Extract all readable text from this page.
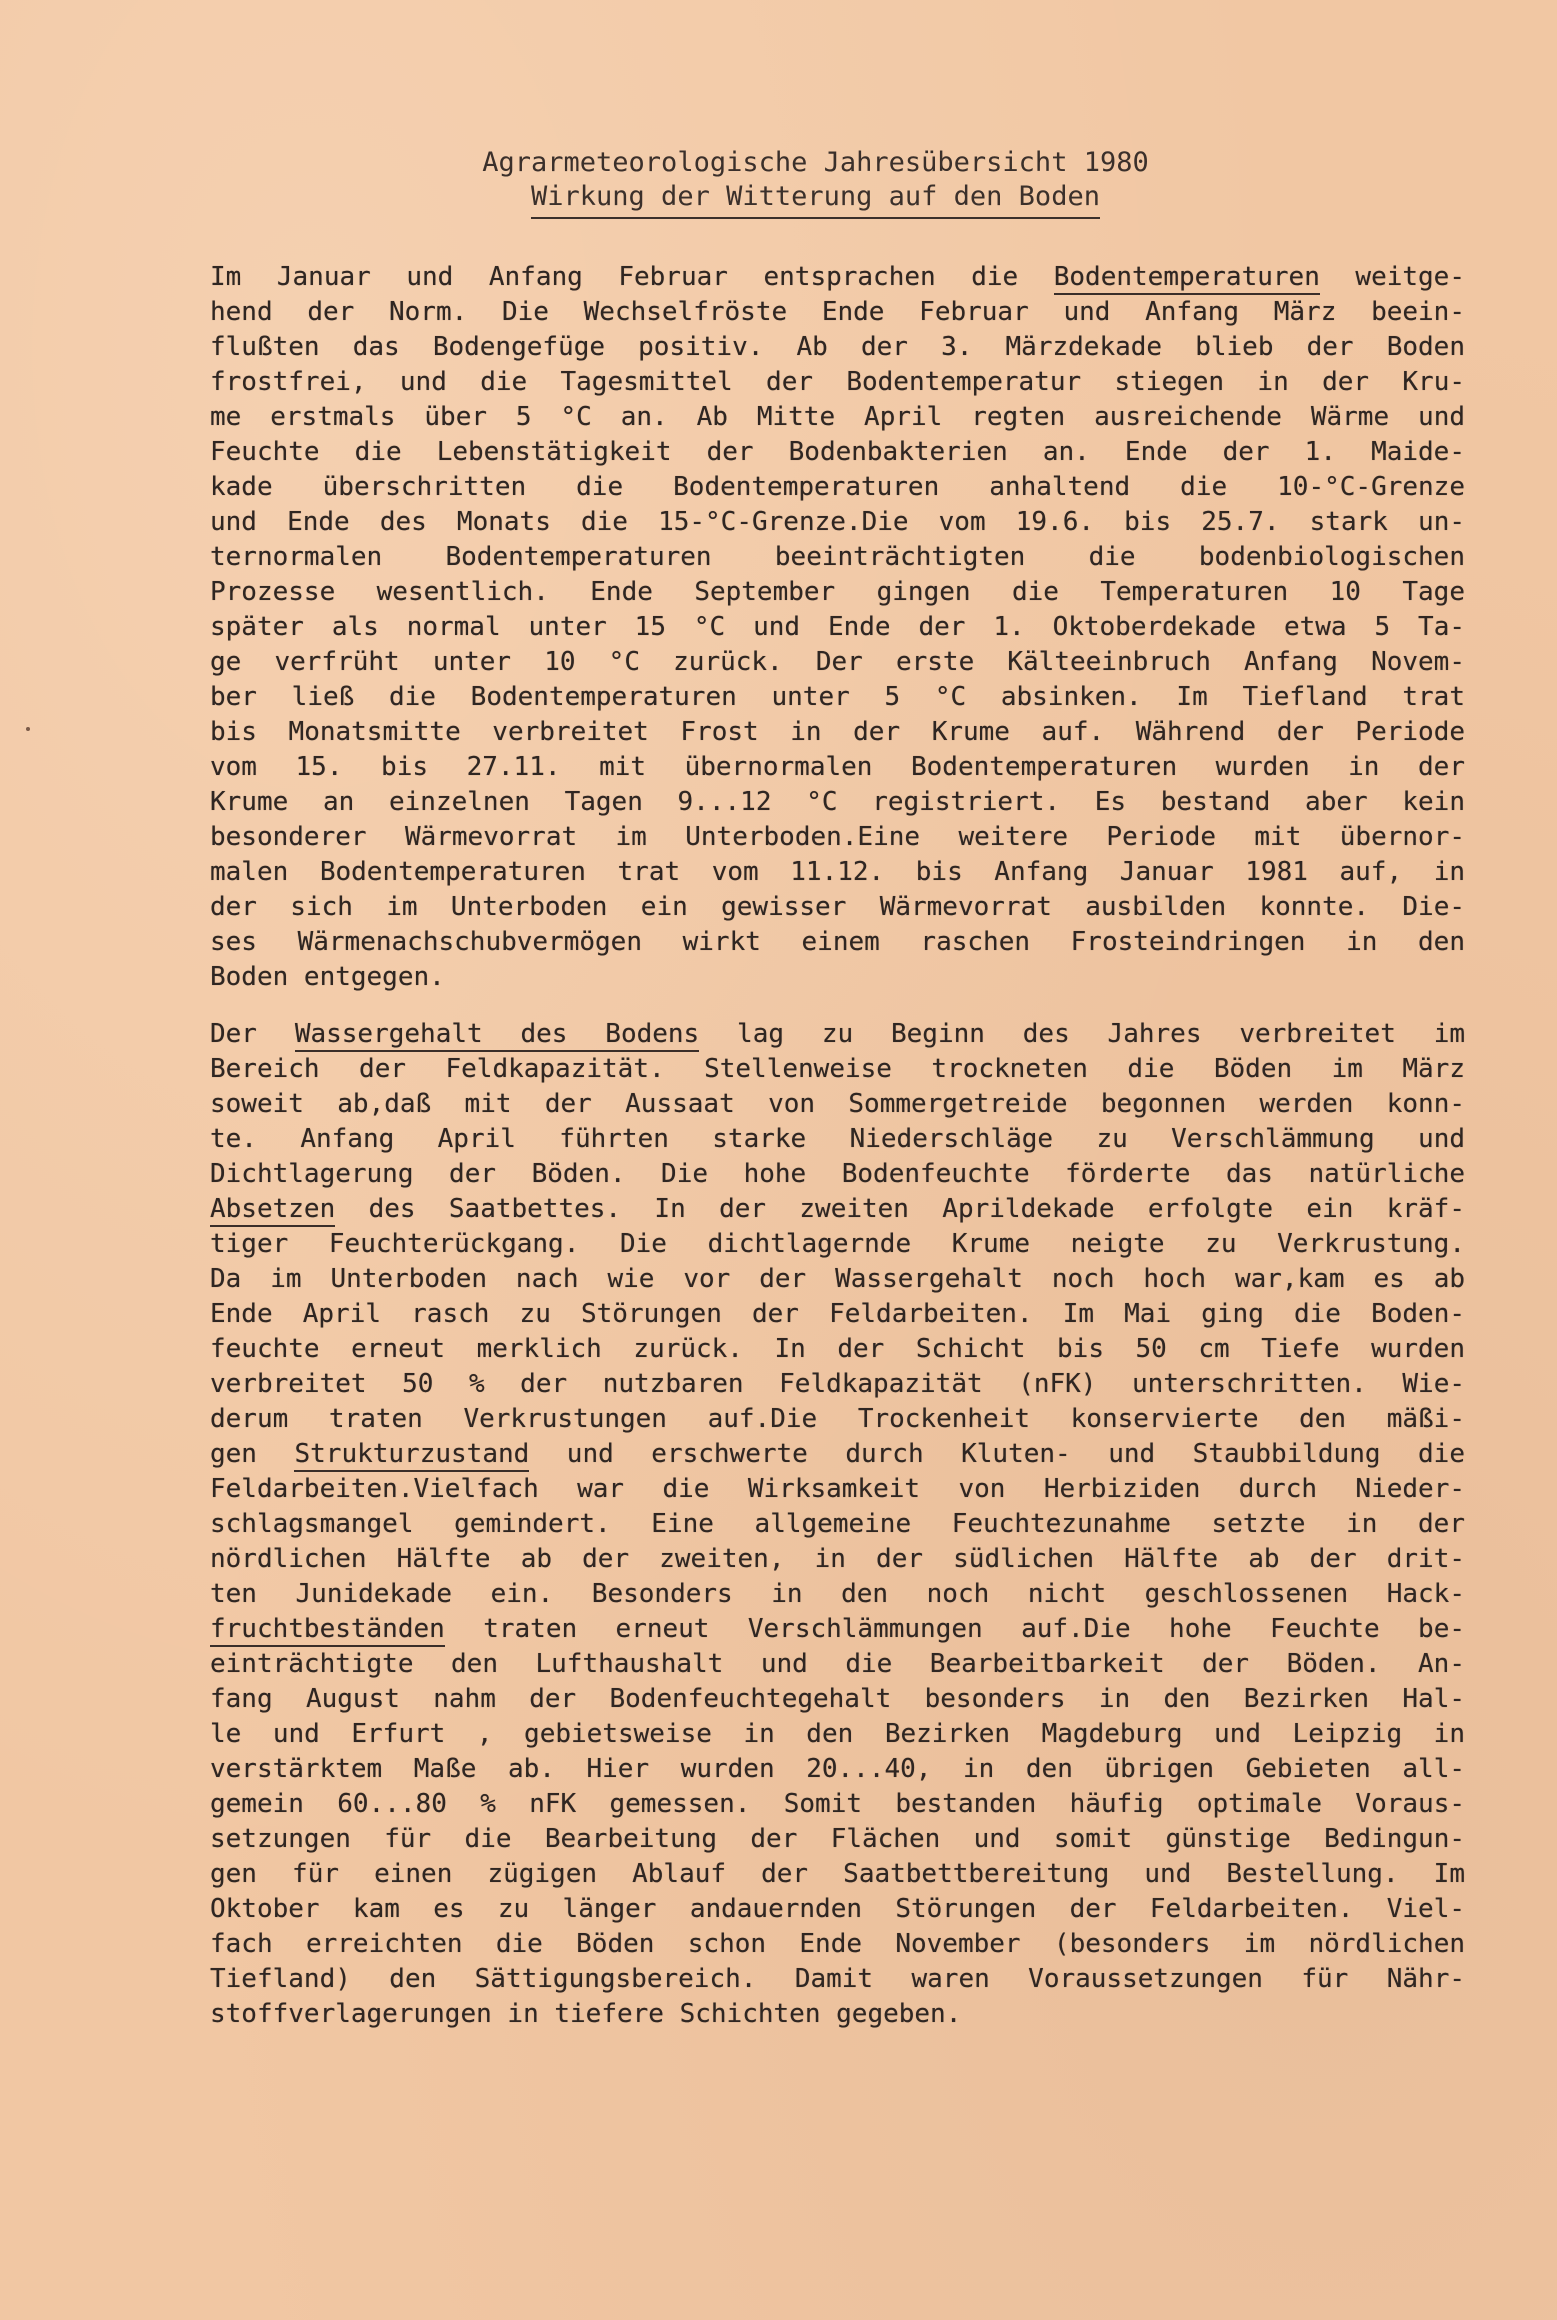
Agrarmeteorologische Jahresübersicht 1980
Wirkung der Witterung auf den Boden
Im Januar und Anfang Februar entsprachen die Bodentemperaturen weitge-
hend der Norm. Die Wechselfröste Ende Februar und Anfang März beein-
flußten das Bodengefüge positiv. Ab der 3. Märzdekade blieb der Boden
frostfrei, und die Tagesmittel der Bodentemperatur stiegen in der Kru-
me erstmals über 5 °C an. Ab Mitte April regten ausreichende Wärme und
Feuchte die Lebenstätigkeit der Bodenbakterien an. Ende der 1. Maide-
kade überschritten die Bodentemperaturen anhaltend die 10-°C-Grenze
und Ende des Monats die 15-°C-Grenze.Die vom 19.6. bis 25.7. stark un-
ternormalen Bodentemperaturen beeinträchtigten die bodenbiologischen
Prozesse wesentlich. Ende September gingen die Temperaturen 10 Tage
später als normal unter 15 °C und Ende der 1. Oktoberdekade etwa 5 Ta-
ge verfrüht unter 10 °C zurück. Der erste Kälteeinbruch Anfang Novem-
ber ließ die Bodentemperaturen unter 5 °C absinken. Im Tiefland trat
bis Monatsmitte verbreitet Frost in der Krume auf. Während der Periode
vom 15. bis 27.11. mit übernormalen Bodentemperaturen wurden in der
Krume an einzelnen Tagen 9...12 °C registriert. Es bestand aber kein
besonderer Wärmevorrat im Unterboden.Eine weitere Periode mit übernor-
malen Bodentemperaturen trat vom 11.12. bis Anfang Januar 1981 auf, in
der sich im Unterboden ein gewisser Wärmevorrat ausbilden konnte. Die-
ses Wärmenachschubvermögen wirkt einem raschen Frosteindringen in den
Boden entgegen.
Der Wassergehalt des Bodens lag zu Beginn des Jahres verbreitet im
Bereich der Feldkapazität. Stellenweise trockneten die Böden im März
soweit ab,daß mit der Aussaat von Sommergetreide begonnen werden konn-
te. Anfang April führten starke Niederschläge zu Verschlämmung und
Dichtlagerung der Böden. Die hohe Bodenfeuchte förderte das natürliche
Absetzen des Saatbettes. In der zweiten Aprildekade erfolgte ein kräf-
tiger Feuchterückgang. Die dichtlagernde Krume neigte zu Verkrustung.
Da im Unterboden nach wie vor der Wassergehalt noch hoch war,kam es ab
Ende April rasch zu Störungen der Feldarbeiten. Im Mai ging die Boden-
feuchte erneut merklich zurück. In der Schicht bis 50 cm Tiefe wurden
verbreitet 50 % der nutzbaren Feldkapazität (nFK) unterschritten. Wie-
derum traten Verkrustungen auf.Die Trockenheit konservierte den mäßi-
gen Strukturzustand und erschwerte durch Kluten- und Staubbildung die
Feldarbeiten.Vielfach war die Wirksamkeit von Herbiziden durch Nieder-
schlagsmangel gemindert. Eine allgemeine Feuchtezunahme setzte in der
nördlichen Hälfte ab der zweiten, in der südlichen Hälfte ab der drit-
ten Junidekade ein. Besonders in den noch nicht geschlossenen Hack-
fruchtbeständen traten erneut Verschlämmungen auf.Die hohe Feuchte be-
einträchtigte den Lufthaushalt und die Bearbeitbarkeit der Böden. An-
fang August nahm der Bodenfeuchtegehalt besonders in den Bezirken Hal-
le und Erfurt , gebietsweise in den Bezirken Magdeburg und Leipzig in
verstärktem Maße ab. Hier wurden 20...40, in den übrigen Gebieten all-
gemein 60...80 % nFK gemessen. Somit bestanden häufig optimale Voraus-
setzungen für die Bearbeitung der Flächen und somit günstige Bedingun-
gen für einen zügigen Ablauf der Saatbettbereitung und Bestellung. Im
Oktober kam es zu länger andauernden Störungen der Feldarbeiten. Viel-
fach erreichten die Böden schon Ende November (besonders im nördlichen
Tiefland) den Sättigungsbereich. Damit waren Voraussetzungen für Nähr-
stoffverlagerungen in tiefere Schichten gegeben.
